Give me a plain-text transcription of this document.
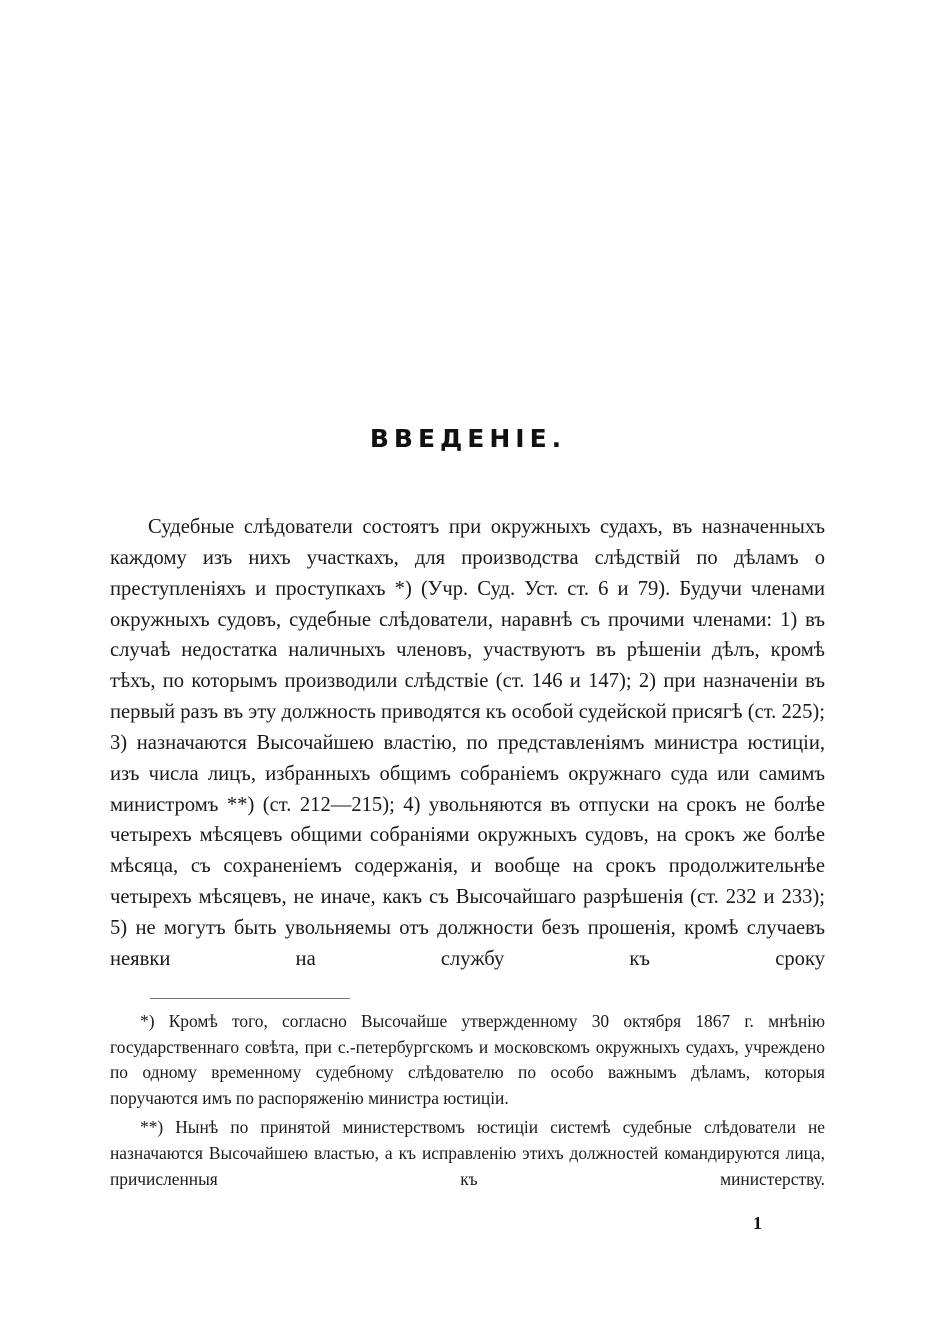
ВВЕДЕНІЕ.

Судебные слѣдователи состоятъ при окружныхъ судахъ, въ назначенныхъ каждому изъ нихъ участкахъ, для производства слѣдствій по дѣламъ о преступленіяхъ и проступкахъ *) (Учр. Суд. Уст. ст. 6 и 79). Будучи членами окружныхъ судовъ, судебные слѣдователи, наравнѣ съ прочими членами: 1) въ случаѣ недостатка наличныхъ членовъ, участвуютъ въ рѣшеніи дѣлъ, кромѣ тѣхъ, по которымъ производили слѣдствіе (ст. 146 и 147); 2) при назначеніи въ первый разъ въ эту должность приводятся къ особой судейской присягѣ (ст. 225); 3) назначаются Высочайшею властію, по представленіямъ министра юстиціи, изъ числа лицъ, избранныхъ общимъ собраніемъ окружнаго суда или самимъ министромъ **) (ст. 212—215); 4) увольняются въ отпуски на срокъ не болѣе четырехъ мѣсяцевъ общими собраніями окружныхъ судовъ, на срокъ же болѣе мѣсяца, съ сохраненіемъ содержанія, и вообще на срокъ продолжительнѣе четырехъ мѣсяцевъ, не иначе, какъ съ Высочайшаго разрѣшенія (ст. 232 и 233); 5) не могутъ быть увольняемы отъ должности безъ прошенія, кромѣ случаевъ неявки на службу къ сроку

*) Кромѣ того, согласно Высочайше утвержденному 30 октября 1867 г. мнѣнію государственнаго совѣта, при с.-петербургскомъ и московскомъ окружныхъ судахъ, учреждено по одному временному судебному слѣдователю по особо важнымъ дѣламъ, которыя поручаются имъ по распоряженію министра юстиціи.

**) Нынѣ по принятой министерствомъ юстиціи системѣ судебные слѣдователи не назначаются Высочайшею властью, а къ исправленію этихъ должностей командируются лица, причисленныя къ министерству.

1
